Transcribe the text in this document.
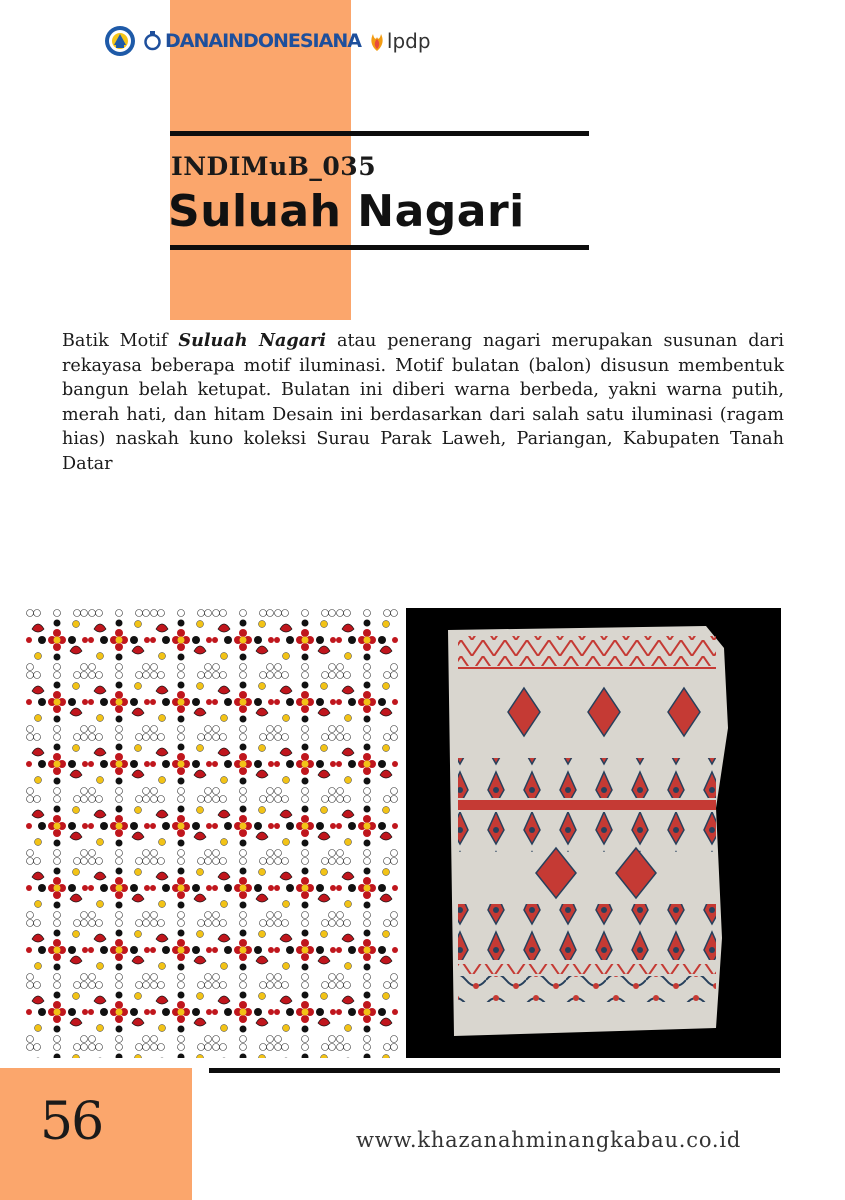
DANAINDONESIANA lpdp
INDIMuB_035
Suluah Nagari

Batik Motif Suluah Nagari atau penerang nagari merupakan susunan dari rekayasa beberapa motif iluminasi. Motif bulatan (balon) disusun membentuk bangun belah ketupat. Bulatan ini diberi warna berbeda, yakni warna putih, merah hati, dan hitam Desain ini berdasarkan dari salah satu iluminasi (ragam hias) naskah kuno koleksi Surau Parak Laweh, Pariangan, Kabupaten Tanah Datar

56	www.khazanahminangkabau.co.id
